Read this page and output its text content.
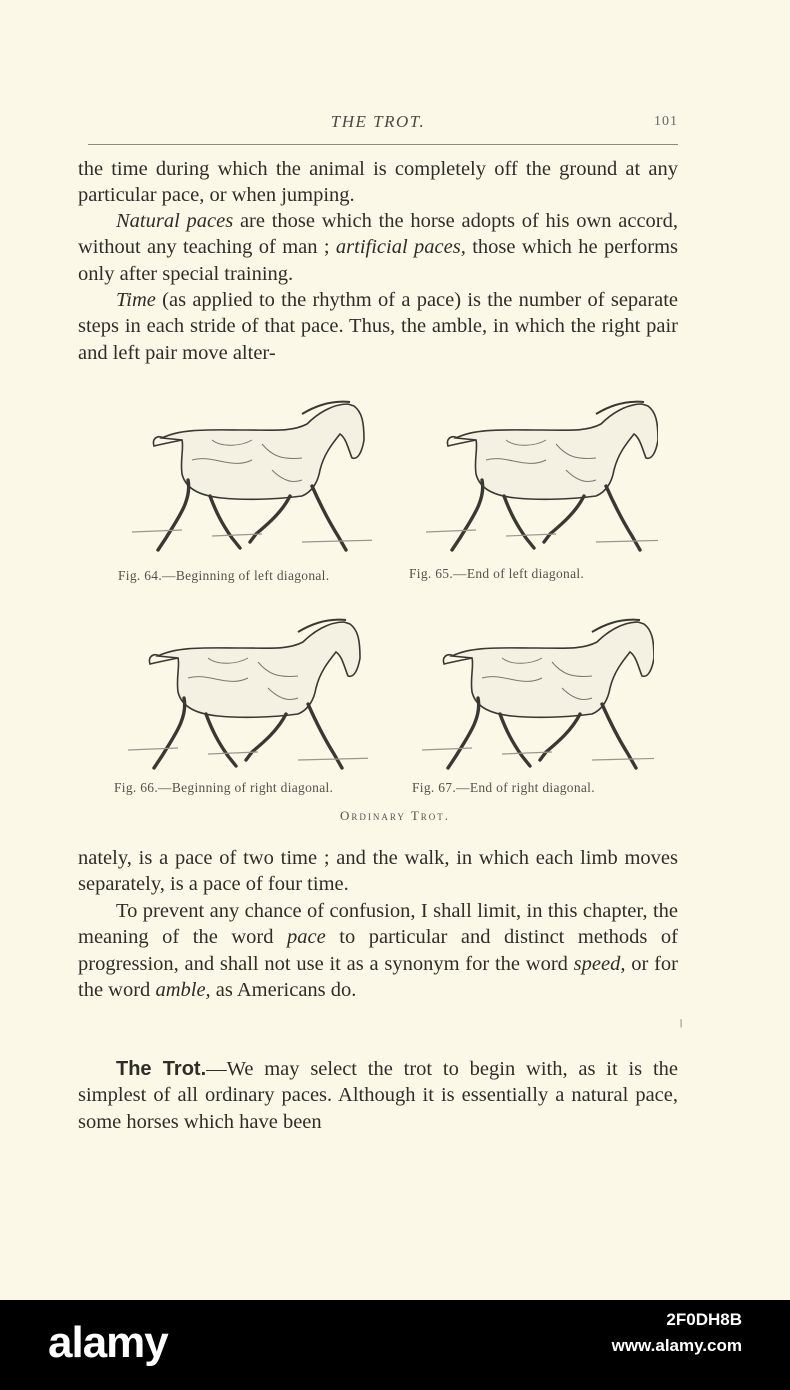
THE TROT.	101

the time during which the animal is completely off the ground at any particular pace, or when jumping.

Natural paces are those which the horse adopts of his own accord, without any teaching of man ; artificial paces, those which he performs only after special training.

Time (as applied to the rhythm of a pace) is the number of separate steps in each stride of that pace. Thus, the amble, in which the right pair and left pair move alter-

Fig. 64.—Beginning of left diagonal.	Fig. 65.—End of left diagonal.
Fig. 66.—Beginning of right diagonal.	Fig. 67.—End of right diagonal.
Ordinary Trot.

nately, is a pace of two time ; and the walk, in which each limb moves separately, is a pace of four time.

To prevent any chance of confusion, I shall limit, in this chapter, the meaning of the word pace to particular and distinct methods of progression, and shall not use it as a synonym for the word speed, or for the word amble, as Americans do.

╷

The Trot.—We may select the trot to begin with, as it is the simplest of all ordinary paces. Although it is essentially a natural pace, some horses which have been

alamy	2F0DH8B
www.alamy.com
